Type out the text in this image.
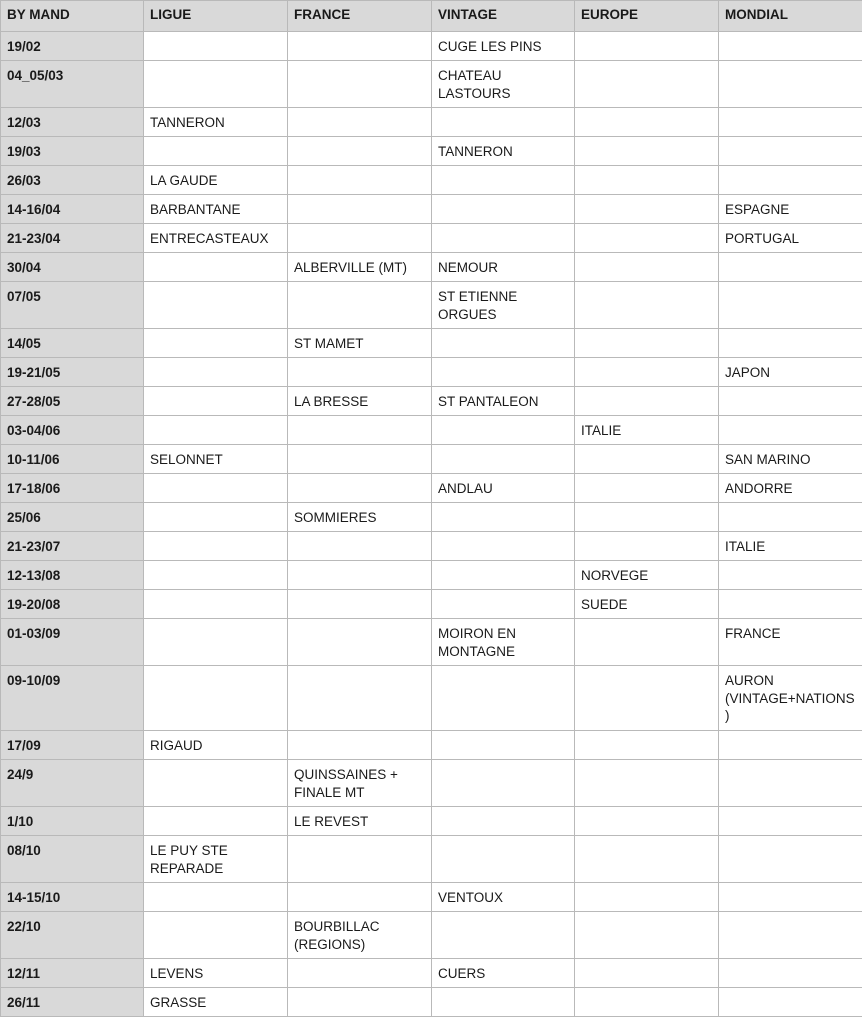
BY MAND	LIGUE	FRANCE	VINTAGE	EUROPE	MONDIAL
19/02			CUGE LES PINS		
04_05/03			CHATEAU LASTOURS		
12/03	TANNERON				
19/03			TANNERON		
26/03	LA GAUDE				
14-16/04	BARBANTANE				ESPAGNE
21-23/04	ENTRECASTEAUX				PORTUGAL
30/04		ALBERVILLE (MT)	NEMOUR		
07/05			ST ETIENNE ORGUES		
14/05		ST MAMET			
19-21/05					JAPON
27-28/05		LA BRESSE	ST PANTALEON		
03-04/06				ITALIE	
10-11/06	SELONNET				SAN MARINO
17-18/06			ANDLAU		ANDORRE
25/06		SOMMIERES			
21-23/07					ITALIE
12-13/08				NORVEGE	
19-20/08				SUEDE	
01-03/09			MOIRON EN MONTAGNE		FRANCE
09-10/09					AURON (VINTAGE+NATIONS)
17/09	RIGAUD				
24/9		QUINSSAINES + FINALE MT			
1/10		LE REVEST			
08/10	LE PUY STE REPARADE				
14-15/10			VENTOUX		
22/10		BOURBILLAC (REGIONS)			
12/11	LEVENS		CUERS		
26/11	GRASSE				
